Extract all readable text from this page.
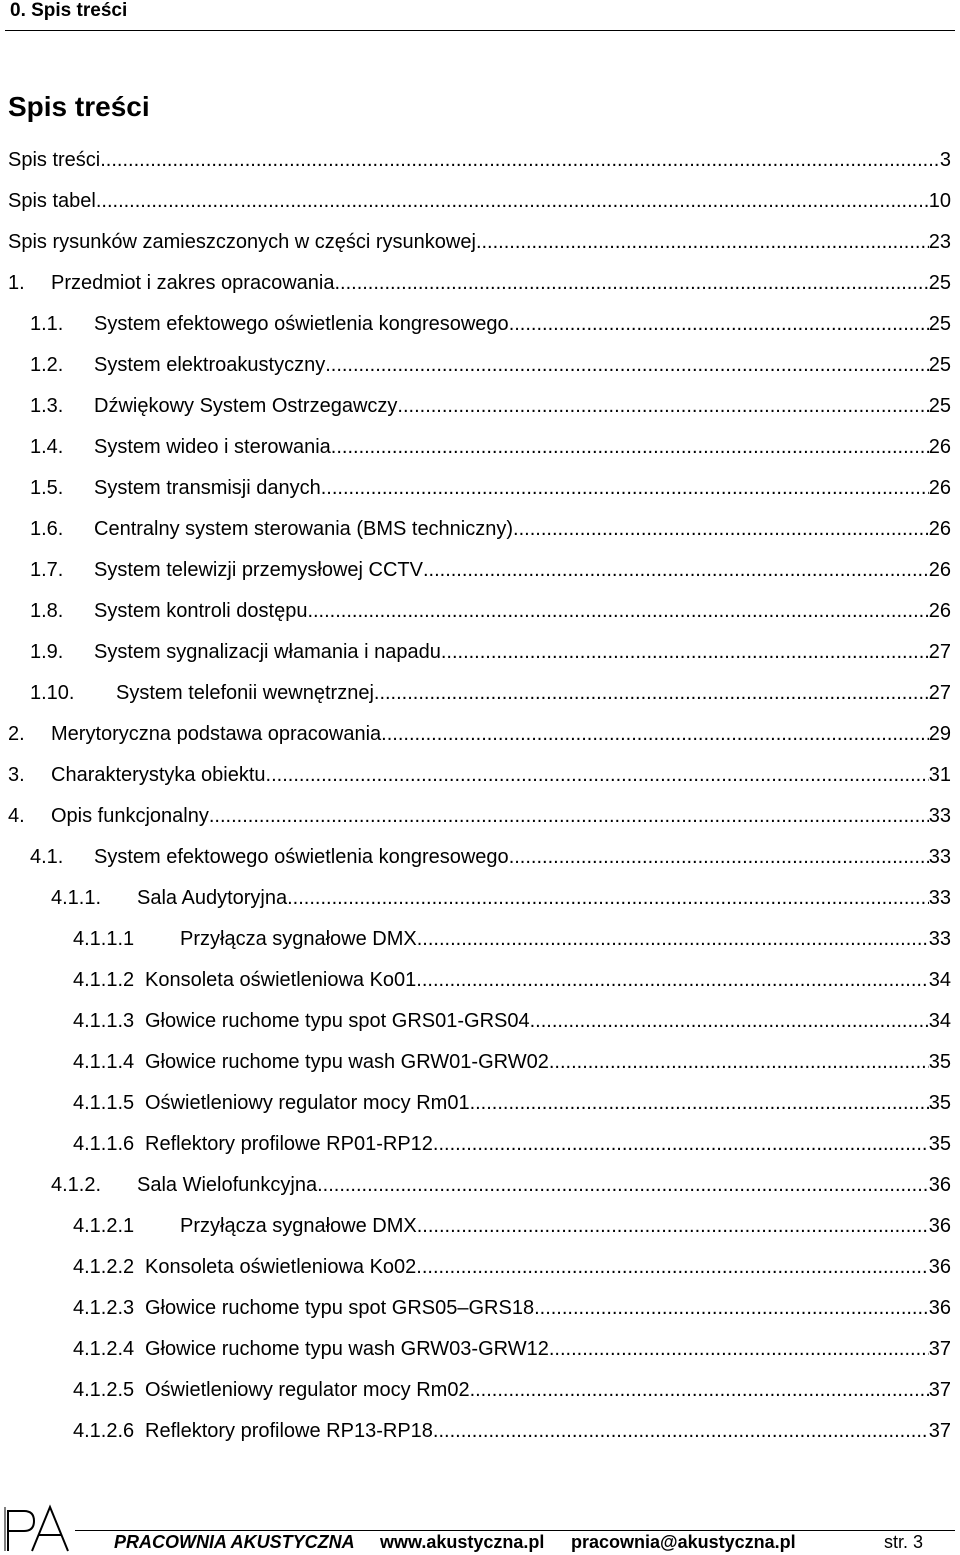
0. Spis treści
Spis treści
Spis treści .....	3
Spis tabel .....	10
Spis rysunków zamieszczonych w części rysunkowej .....	23
1.	Przedmiot i zakres opracowania .....	25
1.1.	System efektowego oświetlenia kongresowego .....	25
1.2.	System elektroakustyczny .....	25
1.3.	Dźwiękowy System Ostrzegawczy .....	25
1.4.	System wideo i sterowania .....	26
1.5.	System transmisji danych .....	26
1.6.	Centralny system sterowania (BMS techniczny) .....	26
1.7.	System telewizji przemysłowej CCTV .....	26
1.8.	System kontroli dostępu .....	26
1.9.	System sygnalizacji włamania i napadu .....	27
1.10.	System telefonii wewnętrznej .....	27
2.	Merytoryczna podstawa opracowania .....	29
3.	Charakterystyka obiektu .....	31
4.	Opis funkcjonalny .....	33
4.1.	System efektowego oświetlenia kongresowego .....	33
4.1.1.	Sala Audytoryjna .....	33
4.1.1.1	Przyłącza sygnałowe DMX .....	33
4.1.1.2 Konsoleta oświetleniowa Ko01 .....	34
4.1.1.3 Głowice ruchome typu spot GRS01-GRS04 .....	34
4.1.1.4 Głowice ruchome typu wash GRW01-GRW02 .....	35
4.1.1.5 Oświetleniowy regulator mocy Rm01 .....	35
4.1.1.6 Reflektory profilowe RP01-RP12 .....	35
4.1.2.	Sala Wielofunkcyjna .....	36
4.1.2.1	Przyłącza sygnałowe DMX .....	36
4.1.2.2 Konsoleta oświetleniowa Ko02 .....	36
4.1.2.3 Głowice ruchome typu spot GRS05–GRS18 .....	36
4.1.2.4 Głowice ruchome typu wash GRW03-GRW12 .....	37
4.1.2.5 Oświetleniowy regulator mocy Rm02 .....	37
4.1.2.6 Reflektory profilowe RP13-RP18 .....	37
PRACOWNIA AKUSTYCZNA www.akustyczna.pl pracownia@akustyczna.pl	str. 3
